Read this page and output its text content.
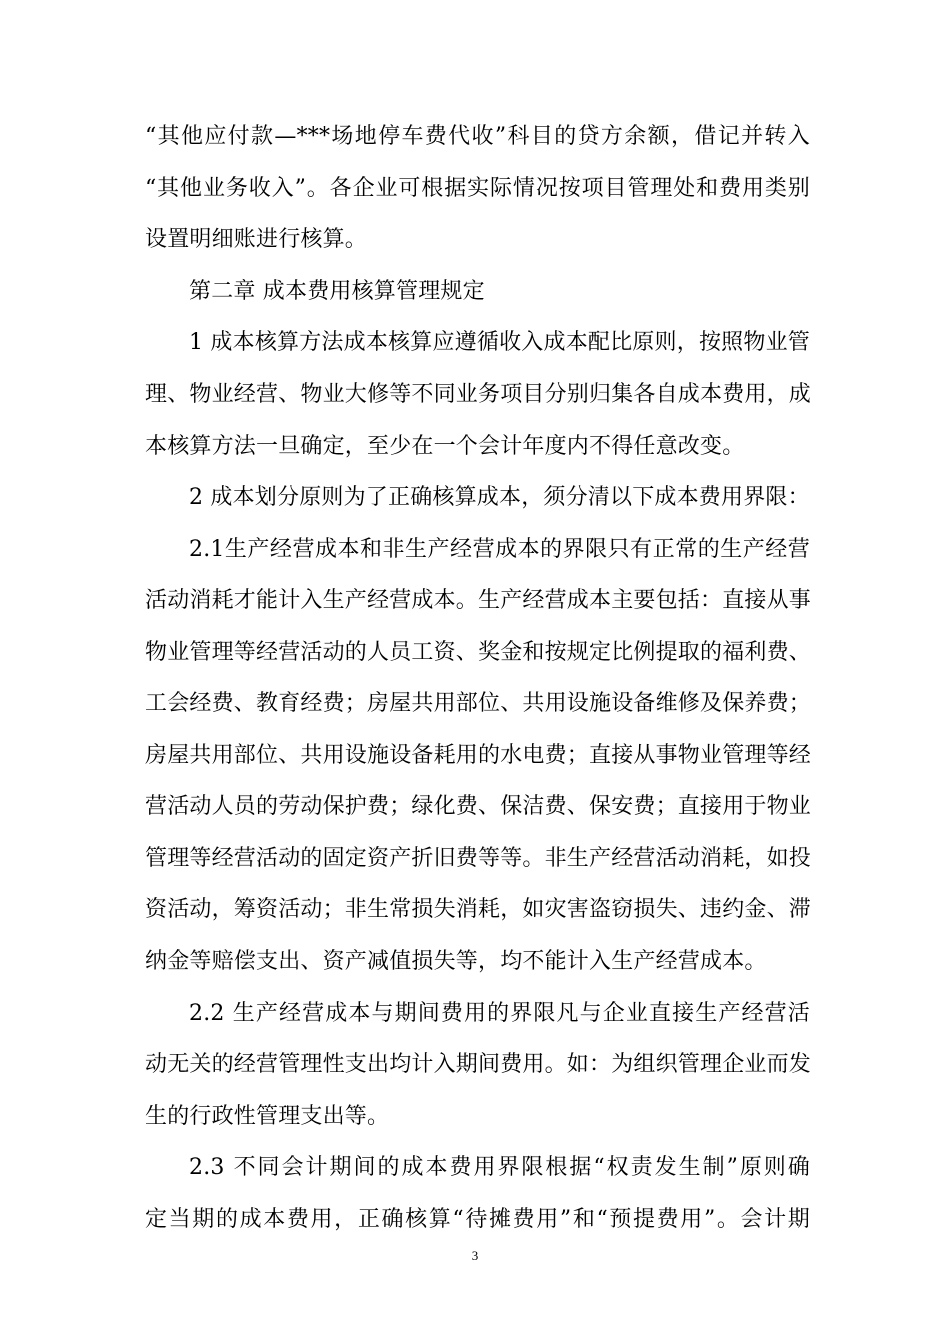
“其他应付款—***场地停车费代收”科目的贷方余额，借记并转入
“其他业务收入”。各企业可根据实际情况按项目管理处和费用类别
设置明细账进行核算。
第二章 成本费用核算管理规定
1 成本核算方法成本核算应遵循收入成本配比原则，按照物业管
理、物业经营、物业大修等不同业务项目分别归集各自成本费用，成
本核算方法一旦确定，至少在一个会计年度内不得任意改变。
2 成本划分原则为了正确核算成本，须分清以下成本费用界限：
2.1生产经营成本和非生产经营成本的界限只有正常的生产经营
活动消耗才能计入生产经营成本。生产经营成本主要包括：直接从事
物业管理等经营活动的人员工资、奖金和按规定比例提取的福利费、
工会经费、教育经费；房屋共用部位、共用设施设备维修及保养费；
房屋共用部位、共用设施设备耗用的水电费；直接从事物业管理等经
营活动人员的劳动保护费；绿化费、保洁费、保安费；直接用于物业
管理等经营活动的固定资产折旧费等等。非生产经营活动消耗，如投
资活动，筹资活动；非生常损失消耗，如灾害盗窃损失、违约金、滞
纳金等赔偿支出、资产减值损失等，均不能计入生产经营成本。
2.2 生产经营成本与期间费用的界限凡与企业直接生产经营活
动无关的经营管理性支出均计入期间费用。如：为组织管理企业而发
生的行政性管理支出等。
2.3 不同会计期间的成本费用界限根据“权责发生制”原则确
定当期的成本费用，正确核算“待摊费用”和“预提费用”。会计期
3
